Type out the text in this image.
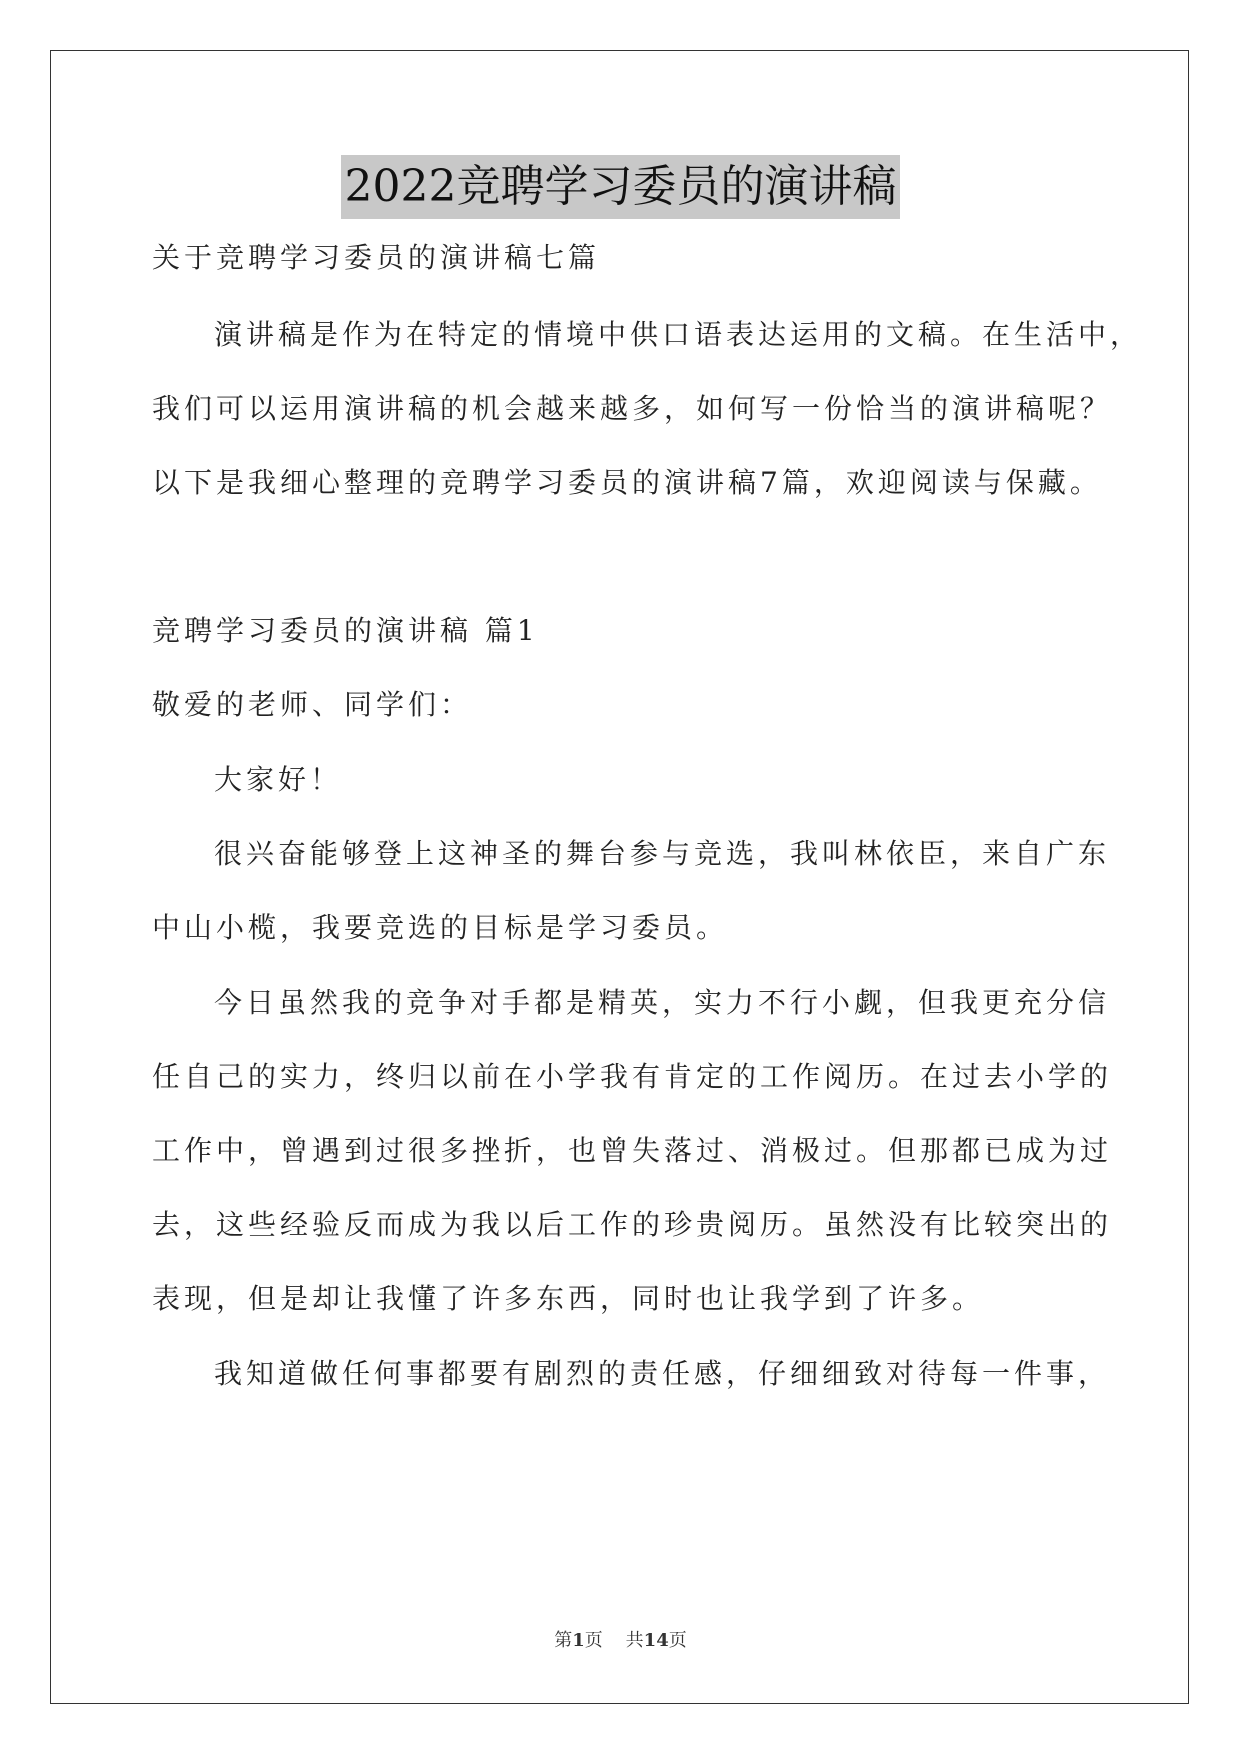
2022竞聘学习委员的演讲稿
关于竞聘学习委员的演讲稿七篇
演讲稿是作为在特定的情境中供口语表达运用的文稿。在生活中，
我们可以运用演讲稿的机会越来越多，如何写一份恰当的演讲稿呢？
以下是我细心整理的竞聘学习委员的演讲稿7篇，欢迎阅读与保藏。
竞聘学习委员的演讲稿 篇1
敬爱的老师、同学们：
大家好！
很兴奋能够登上这神圣的舞台参与竞选，我叫林依臣，来自广东
中山小榄，我要竞选的目标是学习委员。
今日虽然我的竞争对手都是精英，实力不行小觑，但我更充分信
任自己的实力，终归以前在小学我有肯定的工作阅历。在过去小学的
工作中，曾遇到过很多挫折，也曾失落过、消极过。但那都已成为过
去，这些经验反而成为我以后工作的珍贵阅历。虽然没有比较突出的
表现，但是却让我懂了许多东西，同时也让我学到了许多。
我知道做任何事都要有剧烈的责任感，仔细细致对待每一件事，
第1页 共14页
